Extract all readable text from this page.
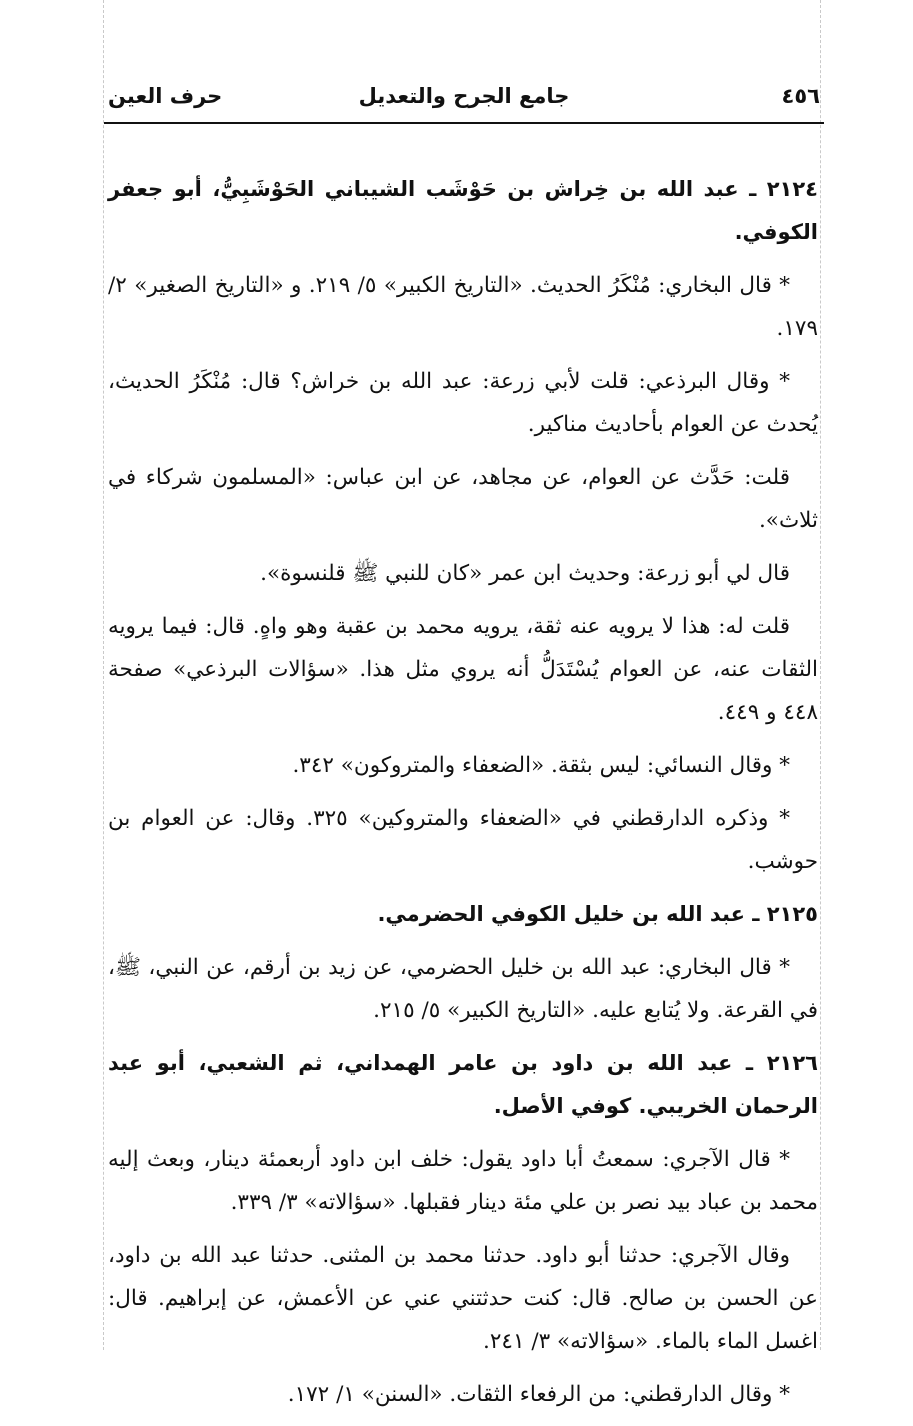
٤٥٦
جامع الجرح والتعديل
حرف العين

٢١٢٤ ـ عبد الله بن خِراش بن حَوْشَب الشيباني الحَوْشَبِيُّ، أبو جعفر الكوفي.

* قال البخاري: مُنْكَرُ الحديث. «التاريخ الكبير» ٥/ ٢١٩. و «التاريخ الصغير» ٢/ ١٧٩.

* وقال البرذعي: قلت لأبي زرعة: عبد الله بن خراش؟ قال: مُنْكَرُ الحديث، يُحدث عن العوام بأحاديث مناكير.

قلت: حَدَّث عن العوام، عن مجاهد، عن ابن عباس: «المسلمون شركاء في ثلاث».

قال لي أبو زرعة: وحديث ابن عمر «كان للنبي ﷺ قلنسوة».

قلت له: هذا لا يرويه عنه ثقة، يرويه محمد بن عقبة وهو واهٍ. قال: فيما يرويه الثقات عنه، عن العوام يُسْتَدَلُّ أنه يروي مثل هذا. «سؤالات البرذعي» صفحة ٤٤٨ و ٤٤٩.

* وقال النسائي: ليس بثقة. «الضعفاء والمتروكون» ٣٤٢.

* وذكره الدارقطني في «الضعفاء والمتروكين» ٣٢٥. وقال: عن العوام بن حوشب.

٢١٢٥ ـ عبد الله بن خليل الكوفي الحضرمي.

* قال البخاري: عبد الله بن خليل الحضرمي، عن زيد بن أرقم، عن النبي، ﷺ، في القرعة. ولا يُتابع عليه. «التاريخ الكبير» ٥/ ٢١٥.

٢١٢٦ ـ عبد الله بن داود بن عامر الهمداني، ثم الشعبي، أبو عبد الرحمان الخريبي. كوفي الأصل.

* قال الآجري: سمعتُ أبا داود يقول: خلف ابن داود أربعمئة دينار، وبعث إليه محمد بن عباد بيد نصر بن علي مئة دينار فقبلها. «سؤالاته» ٣/ ٣٣٩.

وقال الآجري: حدثنا أبو داود. حدثنا محمد بن المثنى. حدثنا عبد الله بن داود، عن الحسن بن صالح. قال: كنت حدثتني عني عن الأعمش، عن إبراهيم. قال: اغسل الماء بالماء. «سؤالاته» ٣/ ٢٤١.

* وقال الدارقطني: من الرفعاء الثقات. «السنن» ١/ ١٧٢.
